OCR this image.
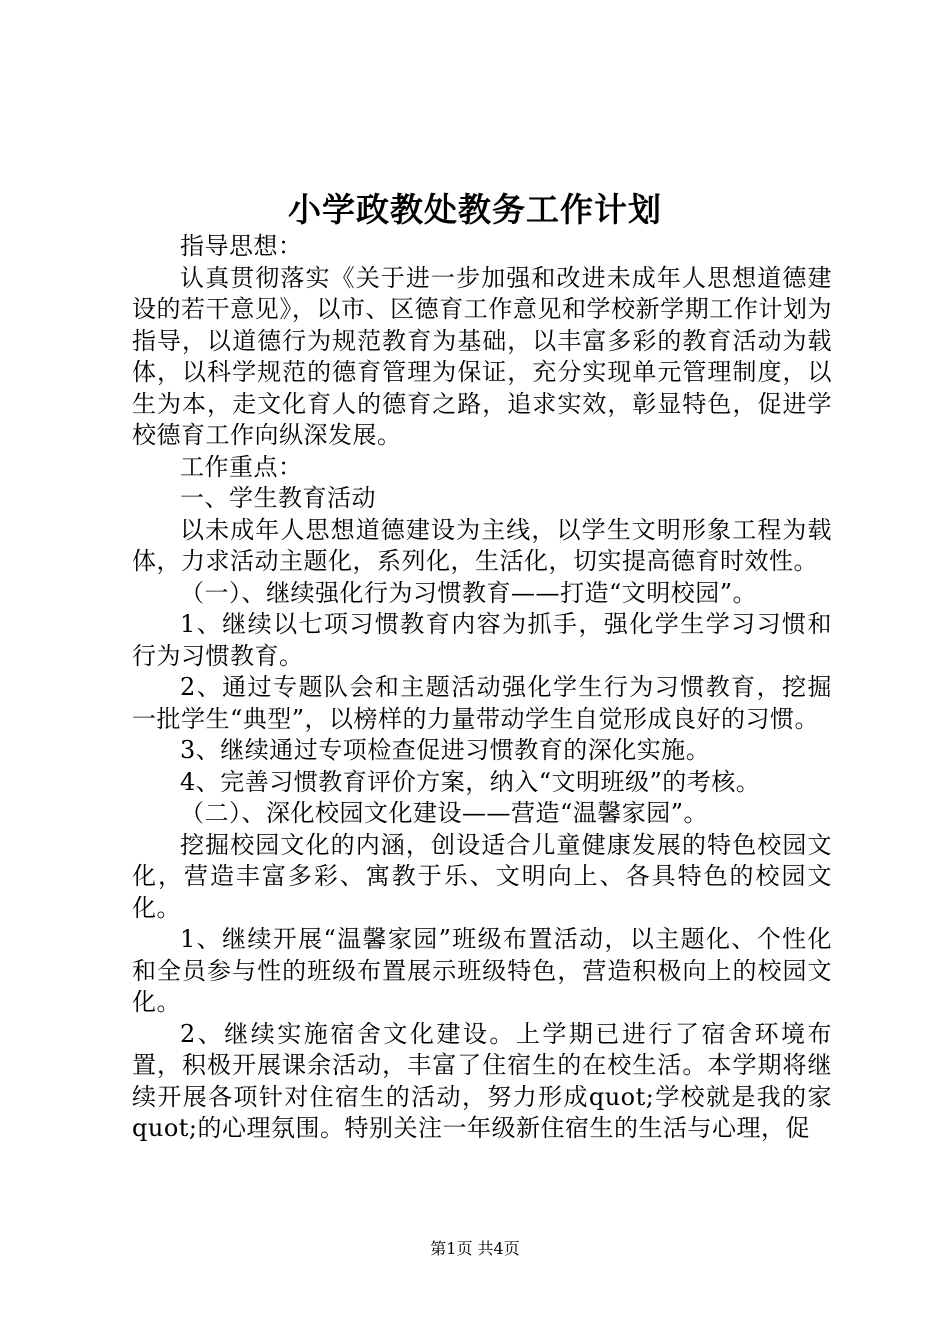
小学政教处教务工作计划

指导思想：

认真贯彻落实《关于进一步加强和改进未成年人思想道德建设的若干意见》，以市、区德育工作意见和学校新学期工作计划为指导，以道德行为规范教育为基础，以丰富多彩的教育活动为载体，以科学规范的德育管理为保证，充分实现单元管理制度，以生为本，走文化育人的德育之路，追求实效，彰显特色，促进学校德育工作向纵深发展。

工作重点：

一、学生教育活动

以未成年人思想道德建设为主线，以学生文明形象工程为载体，力求活动主题化，系列化，生活化，切实提高德育时效性。

（一）、继续强化行为习惯教育——打造“文明校园”。

1、继续以七项习惯教育内容为抓手，强化学生学习习惯和行为习惯教育。

2、通过专题队会和主题活动强化学生行为习惯教育，挖掘一批学生“典型”，以榜样的力量带动学生自觉形成良好的习惯。

3、继续通过专项检查促进习惯教育的深化实施。

4、完善习惯教育评价方案，纳入“文明班级”的考核。

（二）、深化校园文化建设——营造“温馨家园”。

挖掘校园文化的内涵，创设适合儿童健康发展的特色校园文化，营造丰富多彩、寓教于乐、文明向上、各具特色的校园文化。

1、继续开展“温馨家园”班级布置活动，以主题化、个性化和全员参与性的班级布置展示班级特色，营造积极向上的校园文化。

2、继续实施宿舍文化建设。上学期已进行了宿舍环境布置，积极开展课余活动，丰富了住宿生的在校生活。本学期将继续开展各项针对住宿生的活动，努力形成quot;学校就是我的家quot;的心理氛围。特别关注一年级新住宿生的生活与心理，促

第1页 共4页
